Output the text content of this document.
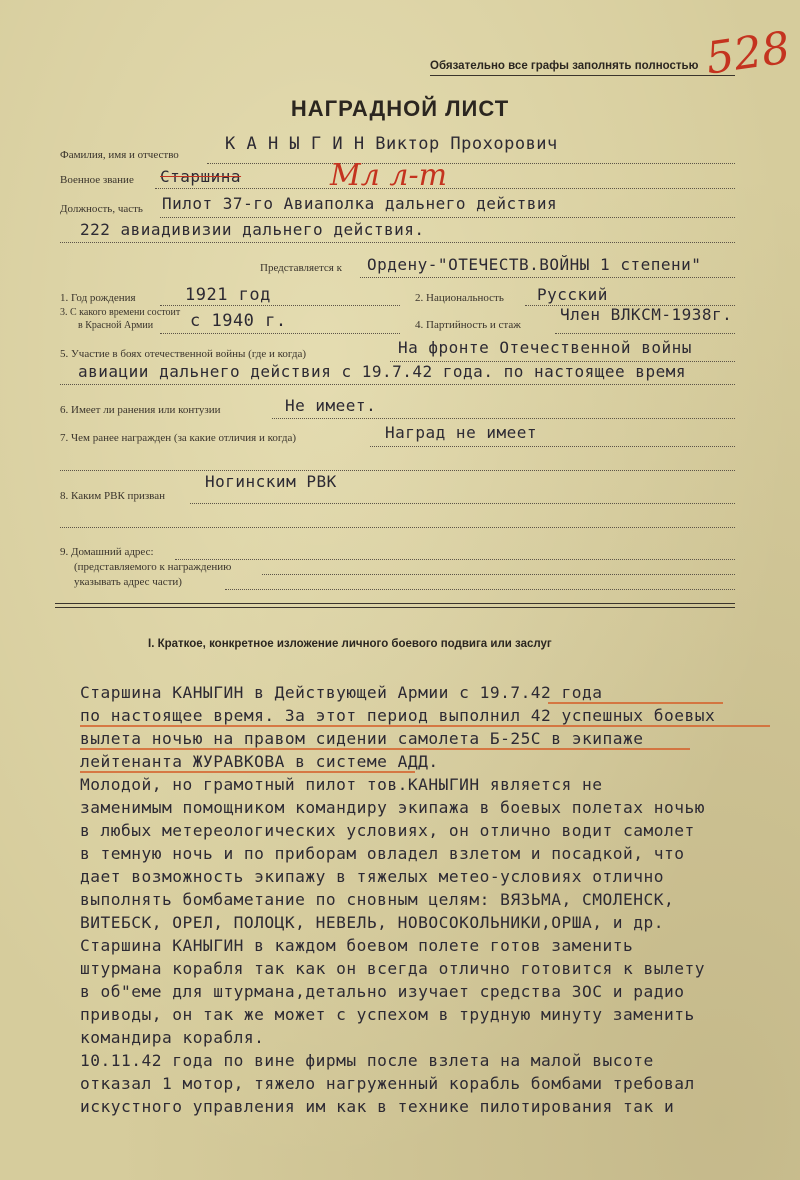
Обязательно все графы заполнять полностью 528
НАГРАДНОЙ ЛИСТ
Фамилия, имя и отчество
К А Н Ы Г И Н Виктор Прохорович
Военное звание Старшина	Мл л-т
Должность, часть Пилот 37-го Авиаполка дальнего действия
222 авиадивизии дальнего действия.
Представляется к Ордену-"ОТЕЧЕСТВ.ВОЙНЫ 1 степени"
1. Год рождения	1921 год	2. Национальность Русский
3. С какого времени состоит
в Красной Армии с 1940 г.	4. Партийность и стаж
Член ВЛКСМ-1938г.
5. Участие в боях отечественной войны (где и когда)	На фронте Отечественной войны
авиации дальнего действия с 19.7.42 года. по настоящее время
6. Имеет ли ранения или контузии	Не имеет.
7. Чем ранее награжден (за какие отличия и когда)	Наград не имеет
8. Каким РВК призван
Ногинским РВК
9. Домашний адрес:
(представляемого к награждению
указывать адрес части)
I. Краткое, конкретное изложение личного боевого подвига или заслуг
Старшина КАНЫГИН в Действующей Армии с 19.7.42 года
по настоящее время. За этот период выполнил 42 успешных боевых
вылета ночью на правом сидении самолета Б-25С в экипаже
лейтенанта ЖУРАВКОВА в системе АДД.
Молодой, но грамотный пилот тов.КАНЫГИН является не
заменимым помощником командиру экипажа в боевых полетах ночью
в любых метереологических условиях, он отлично водит самолет
в темную ночь и по приборам овладел взлетом и посадкой, что
дает возможность экипажу в тяжелых метео-условиях отлично
выполнять бомбаметание по сновным целям: ВЯЗЬМА, СМОЛЕНСК,
ВИТЕБСК, ОРЕЛ, ПОЛОЦК, НЕВЕЛЬ, НОВОСОКОЛЬНИКИ,ОРША, и др.
Старшина КАНЫГИН в каждом боевом полете готов заменить
штурмана корабля так как он всегда отлично готовится к вылету
в об"еме для штурмана,детально изучает средства ЗОС и радио
приводы, он так же может с успехом в трудную минуту заменить
командира корабля.
10.11.42 года по вине фирмы после взлета на малой высоте
отказал 1 мотор, тяжело нагруженный корабль бомбами требовал
искустного управления им как в технике пилотирования так и
